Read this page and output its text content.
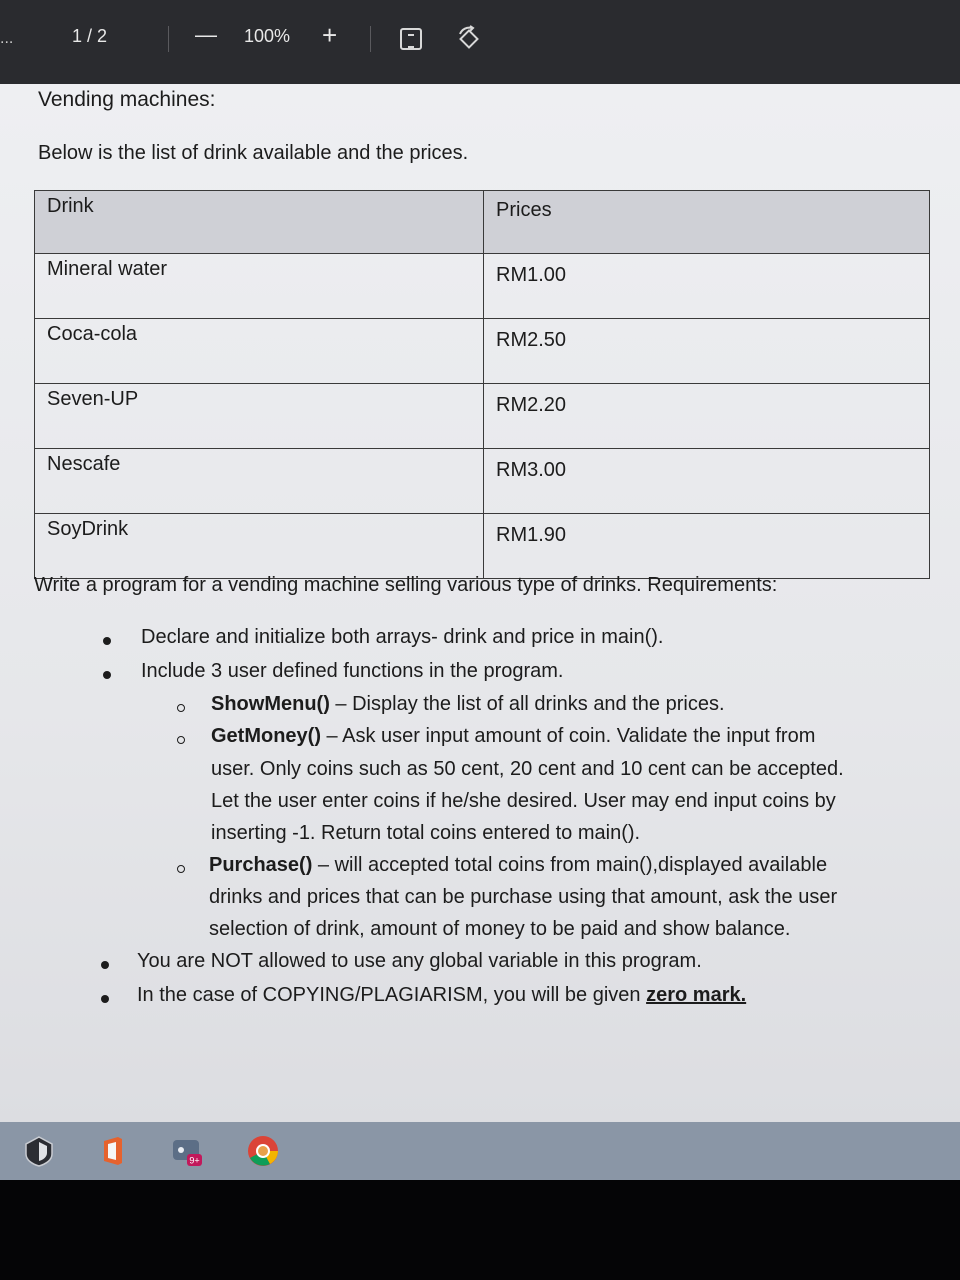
...	1 / 2	— 100% +
Vending machines:
Below is the list of drink available and the prices.
Drink	Prices
Mineral water	RM1.00
Coca-cola	RM2.50
Seven-UP	RM2.20
Nescafe	RM3.00
SoyDrink	RM1.90
Write a program for a vending machine selling various type of drinks. Requirements:
Declare and initialize both arrays- drink and price in main().
Include 3 user defined functions in the program.
ShowMenu() – Display the list of all drinks and the prices.
GetMoney() – Ask user input amount of coin. Validate the input from
user. Only coins such as 50 cent, 20 cent and 10 cent can be accepted.
Let the user enter coins if he/she desired. User may end input coins by
inserting -1. Return total coins entered to main().
Purchase() – will accepted total coins from main(),displayed available
drinks and prices that can be purchase using that amount, ask the user
selection of drink, amount of money to be paid and show balance.
You are NOT allowed to use any global variable in this program.
In the case of COPYING/PLAGIARISM, you will be given zero mark.
9+
